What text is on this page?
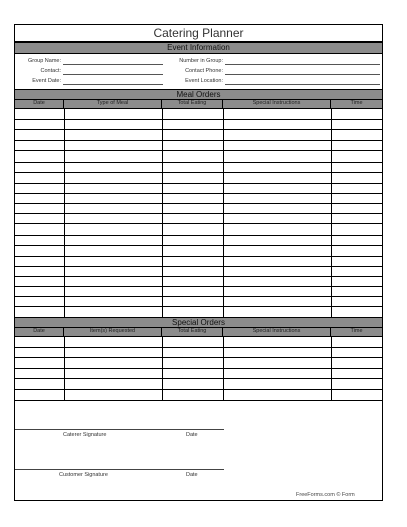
Catering Planner
Event Information
Group Name:	Number in Group:
Contact:	Contact Phone:
Event Date:	Event Location:
Meal Orders
Date	Type of Meal	Total Eating	Special Instructions	Time
Special Orders
Date	Item(s) Requested	Total Eating	Special Instructions	Time
Caterer Signature	Date
Customer Signature	Date
FreeForms.com © Form
